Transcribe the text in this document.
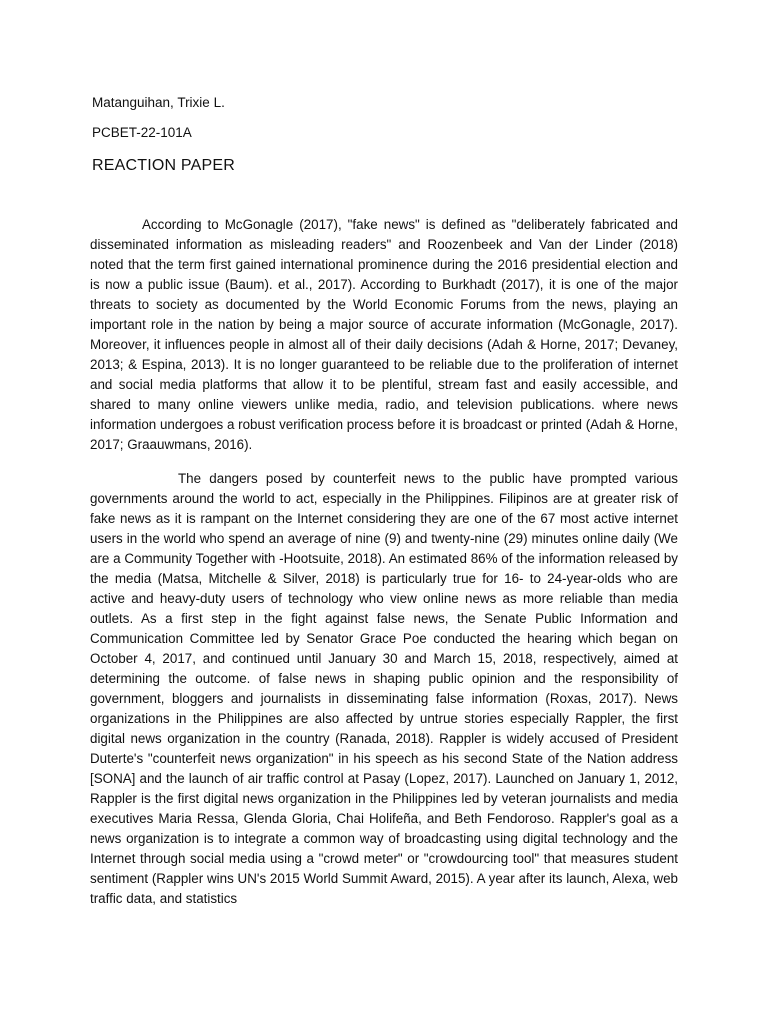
Matanguihan, Trixie L.
PCBET-22-101A
REACTION PAPER

According to McGonagle (2017), "fake news" is defined as "deliberately fabricated and disseminated information as misleading readers" and Roozenbeek and Van der Linder (2018) noted that the term first gained international prominence during the 2016 presidential election and is now a public issue (Baum). et al., 2017). According to Burkhadt (2017), it is one of the major threats to society as documented by the World Economic Forums from the news, playing an important role in the nation by being a major source of accurate information (McGonagle, 2017). Moreover, it influences people in almost all of their daily decisions (Adah & Horne, 2017; Devaney, 2013; & Espina, 2013). It is no longer guaranteed to be reliable due to the proliferation of internet and social media platforms that allow it to be plentiful, stream fast and easily accessible, and shared to many online viewers unlike media, radio, and television publications. where news information undergoes a robust verification process before it is broadcast or printed (Adah & Horne, 2017; Graauwmans, 2016).

The dangers posed by counterfeit news to the public have prompted various governments around the world to act, especially in the Philippines. Filipinos are at greater risk of fake news as it is rampant on the Internet considering they are one of the 67 most active internet users in the world who spend an average of nine (9) and twenty-nine (29) minutes online daily (We are a Community Together with -Hootsuite, 2018). An estimated 86% of the information released by the media (Matsa, Mitchelle & Silver, 2018) is particularly true for 16- to 24-year-olds who are active and heavy-duty users of technology who view online news as more reliable than media outlets. As a first step in the fight against false news, the Senate Public Information and Communication Committee led by Senator Grace Poe conducted the hearing which began on October 4, 2017, and continued until January 30 and March 15, 2018, respectively, aimed at determining the outcome. of false news in shaping public opinion and the responsibility of government, bloggers and journalists in disseminating false information (Roxas, 2017). News organizations in the Philippines are also affected by untrue stories especially Rappler, the first digital news organization in the country (Ranada, 2018). Rappler is widely accused of President Duterte's "counterfeit news organization" in his speech as his second State of the Nation address [SONA] and the launch of air traffic control at Pasay (Lopez, 2017). Launched on January 1, 2012, Rappler is the first digital news organization in the Philippines led by veteran journalists and media executives Maria Ressa, Glenda Gloria, Chai Holifeña, and Beth Fendoroso. Rappler's goal as a news organization is to integrate a common way of broadcasting using digital technology and the Internet through social media using a "crowd meter" or "crowdourcing tool" that measures student sentiment (Rappler wins UN's 2015 World Summit Award, 2015). A year after its launch, Alexa, web traffic data, and statistics
